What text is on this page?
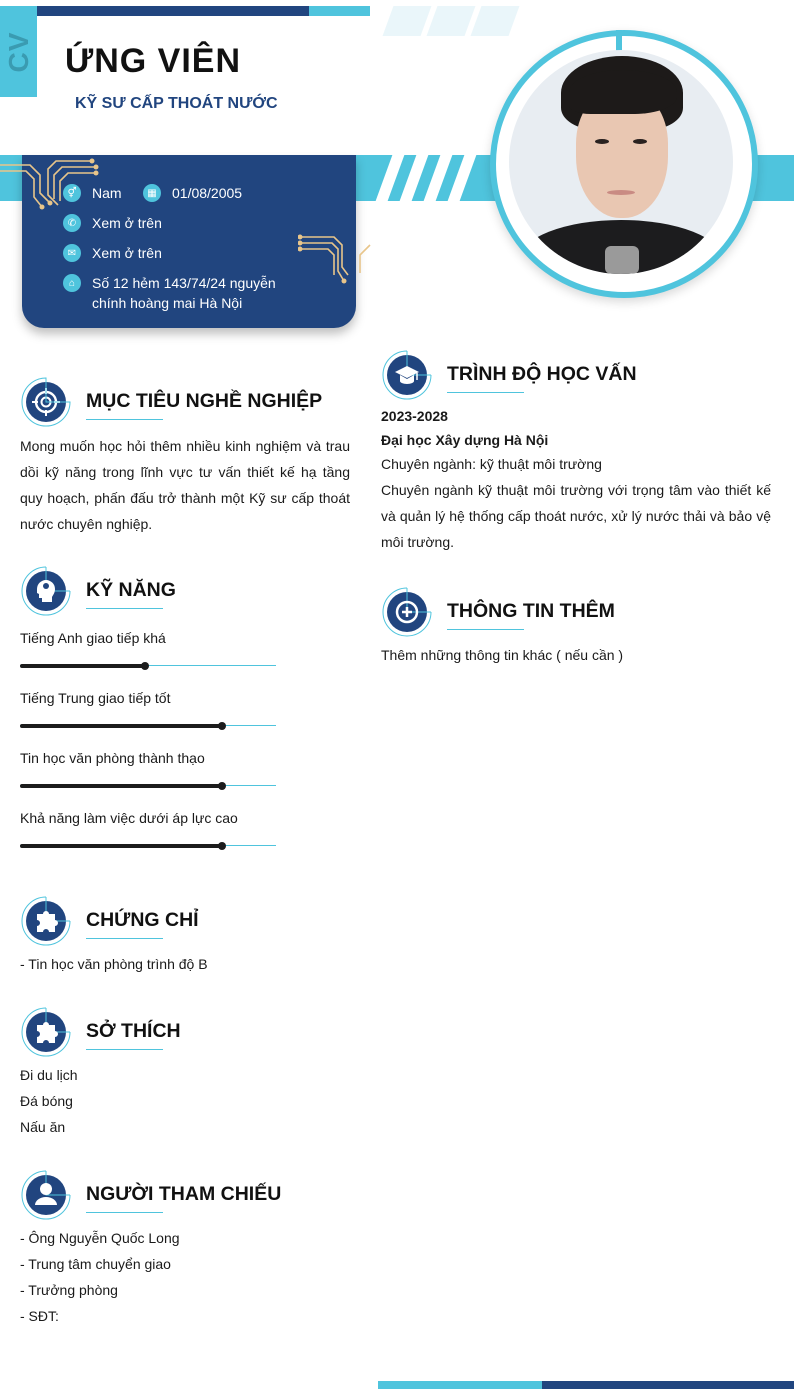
CV ỨNG VIÊN
KỸ SƯ CẤP THOÁT NƯỚC
⚥	Nam	▦	01/08/2005
✆	Xem ở trên
✉	Xem ở trên
⌂	Số 12 hẻm 143/74/24 nguyễn
chính hoàng mai Hà Nội
MỤC TIÊU NGHỀ NGHIỆP

Mong muốn học hỏi thêm nhiều kinh nghiệm và trau dồi kỹ năng trong lĩnh vực tư vấn thiết kế hạ tầng quy hoạch, phấn đấu trở thành một Kỹ sư cấp thoát nước chuyên nghiệp.

KỸ NĂNG
Tiếng Anh giao tiếp khá
Tiếng Trung giao tiếp tốt
Tin học văn phòng thành thạo
Khả năng làm việc dưới áp lực cao
CHỨNG CHỈ
- Tin học văn phòng trình độ B
SỞ THÍCH
Đi du lịch
Đá bóng
Nấu ăn
NGƯỜI THAM CHIẾU
- Ông Nguyễn Quốc Long
- Trung tâm chuyển giao
- Trưởng phòng
- SĐT:
TRÌNH ĐỘ HỌC VẤN
2023-2028
Đại học Xây dựng Hà Nội
Chuyên ngành: kỹ thuật môi trường

Chuyên ngành kỹ thuật môi trường với trọng tâm vào thiết kế và quản lý hệ thống cấp thoát nước, xử lý nước thải và bảo vệ môi trường.

THÔNG TIN THÊM
Thêm những thông tin khác ( nếu cần )
